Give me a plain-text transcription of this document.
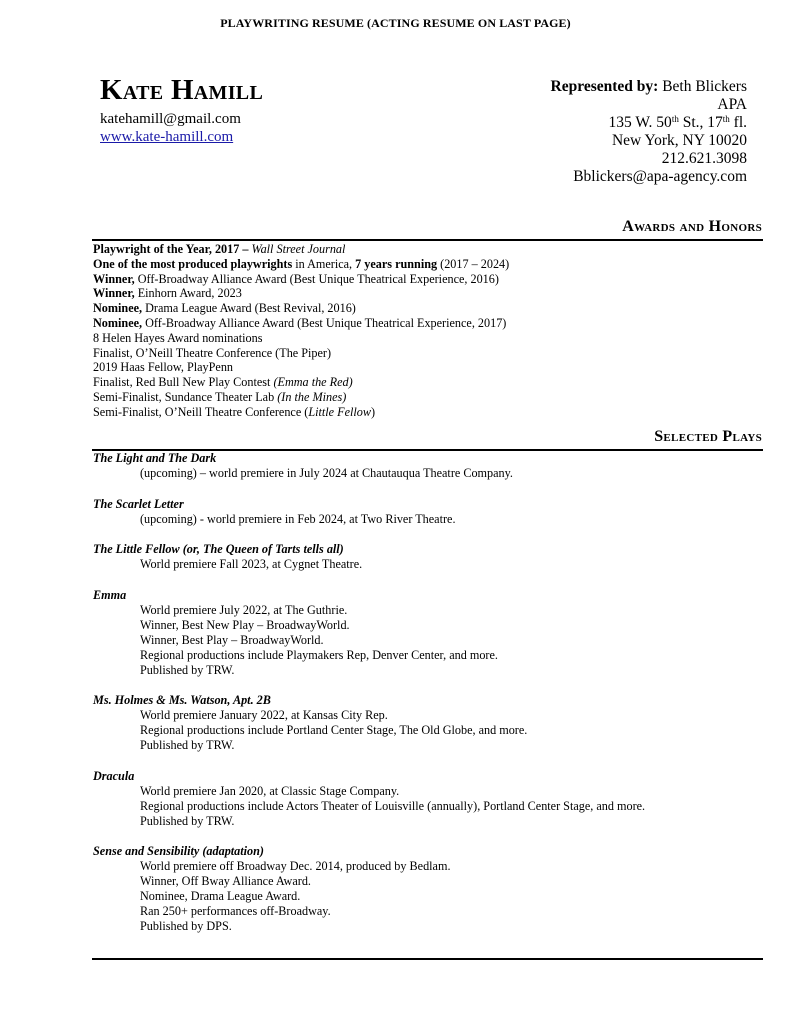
PLAYWRITING RESUME (ACTING RESUME ON LAST PAGE)
Kate Hamill
katehamill@gmail.com
www.kate-hamill.com
Represented by: Beth Blickers
APA
135 W. 50th St., 17th fl.
New York, NY 10020
212.621.3098
Bblickers@apa-agency.com
Awards and Honors
Playwright of the Year, 2017 – Wall Street Journal
One of the most produced playwrights in America, 7 years running (2017 – 2024)
Winner, Off-Broadway Alliance Award (Best Unique Theatrical Experience, 2016)
Winner, Einhorn Award, 2023
Nominee, Drama League Award (Best Revival, 2016)
Nominee, Off-Broadway Alliance Award (Best Unique Theatrical Experience, 2017)
8 Helen Hayes Award nominations
Finalist, O’Neill Theatre Conference (The Piper)
2019 Haas Fellow, PlayPenn
Finalist, Red Bull New Play Contest (Emma the Red)
Semi-Finalist, Sundance Theater Lab (In the Mines)
Semi-Finalist, O’Neill Theatre Conference (Little Fellow)
Selected Plays
The Light and The Dark
(upcoming) – world premiere in July 2024 at Chautauqua Theatre Company.
The Scarlet Letter
(upcoming) - world premiere in Feb 2024, at Two River Theatre.
The Little Fellow (or, The Queen of Tarts tells all)
World premiere Fall 2023, at Cygnet Theatre.
Emma
World premiere July 2022, at The Guthrie.
Winner, Best New Play – BroadwayWorld.
Winner, Best Play – BroadwayWorld.
Regional productions include Playmakers Rep, Denver Center, and more.
Published by TRW.
Ms. Holmes & Ms. Watson, Apt. 2B
World premiere January 2022, at Kansas City Rep.
Regional productions include Portland Center Stage, The Old Globe, and more.
Published by TRW.
Dracula
World premiere Jan 2020, at Classic Stage Company.
Regional productions include Actors Theater of Louisville (annually), Portland Center Stage, and more.
Published by TRW.
Sense and Sensibility (adaptation)
World premiere off Broadway Dec. 2014, produced by Bedlam.
Winner, Off Bway Alliance Award.
Nominee, Drama League Award.
Ran 250+ performances off-Broadway.
Published by DPS.
